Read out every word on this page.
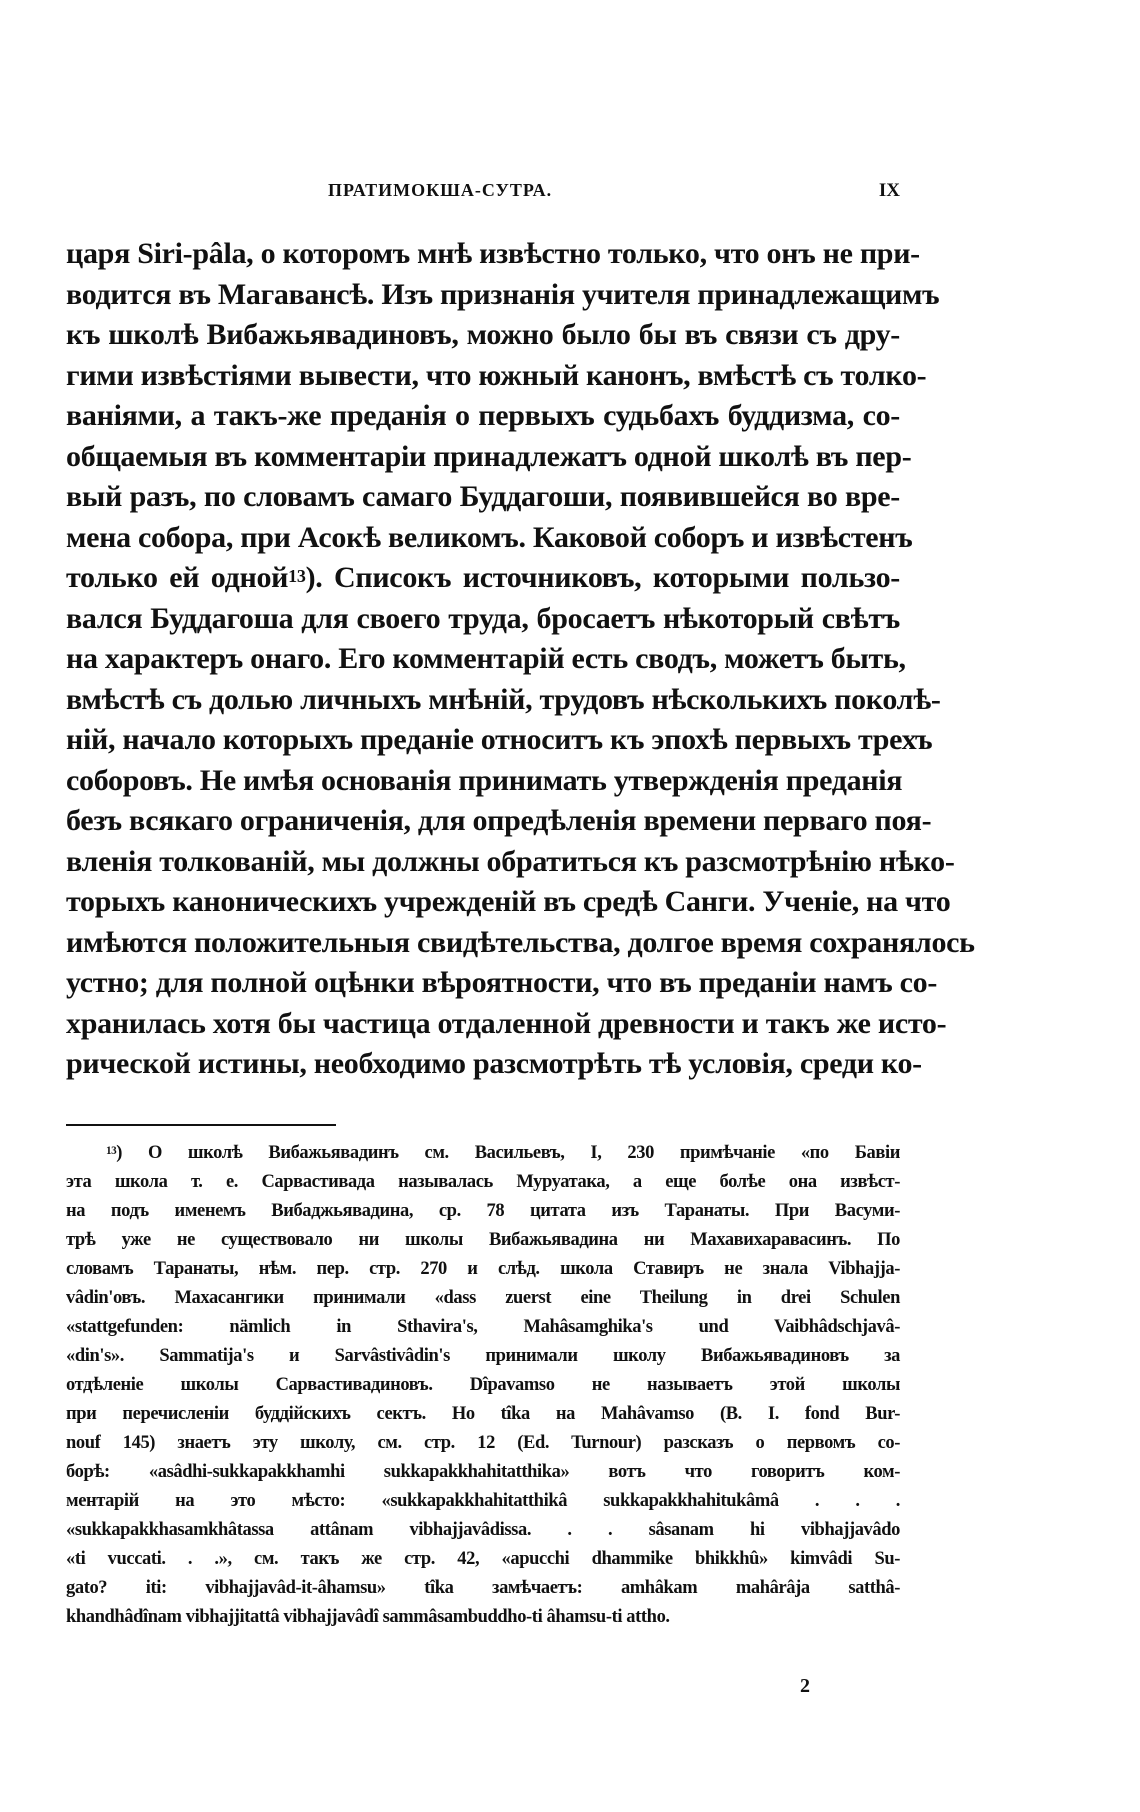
ПРАТИМОКША-СУТРА.	IX
царя Siri-pâla, о которомъ мнѣ извѣстно только, что онъ не при-
водится въ Магавансѣ. Изъ признанія учителя принадлежащимъ
къ школѣ Вибажьявадиновъ, можно было бы въ связи съ дру-
гими извѣстіями вывести, что южный канонъ, вмѣстѣ съ толко-
ваніями, а такъ-же преданія о первыхъ судьбахъ буддизма, со-
общаемыя въ комментаріи принадлежатъ одной школѣ въ пер-
вый разъ, по словамъ самаго Буддагоши, появившейся во вре-
мена собора, при Асокѣ великомъ. Каковой соборъ и извѣстенъ
только ей одной$^{13}$). Списокъ источниковъ, которыми пользо-
вался Буддагоша для своего труда, бросаетъ нѣкоторый свѣтъ
на характеръ онаго. Его комментарій есть сводъ, можетъ быть,
вмѣстѣ съ долью личныхъ мнѣній, трудовъ нѣсколькихъ поколѣ-
ній, начало которыхъ преданіе относитъ къ эпохѣ первыхъ трехъ
соборовъ. Не имѣя основанія принимать утвержденія преданія
безъ всякаго ограниченія, для опредѣленія времени перваго поя-
вленія толкованій, мы должны обратиться къ разсмотрѣнію нѣко-
торыхъ каноническихъ учрежденій въ средѣ Санги. Ученіе, на что
имѣются положительныя свидѣтельства, долгое время сохранялось
устно; для полной оцѣнки вѣроятности, что въ преданіи намъ со-
хранилась хотя бы частица отдаленной древности и такъ же исто-
рической истины, необходимо разсмотрѣть тѣ условія, среди ко-
$^{13}$) О школѣ Вибажьявадинъ см. Васильевъ, I, 230 примѣчаніе «по Бавіи
эта школа т. е. Сарвастивада называлась Муруатака, а еще болѣе она извѣст-
на подъ именемъ Вибаджьявадина, ср. 78 цитата изъ Таранаты. При Васуми-
трѣ уже не существовало ни школы Вибажьявадина ни Махавихаравасинъ. По
словамъ Таранаты, нѣм. пер. стр. 270 и слѣд. школа Ставиръ не знала Vibhajja-
vâdin'овъ. Махасангики принимали «dass zuerst eine Theilung in drei Schulen
«stattgefunden: nämlich in Sthavira's, Mahâsamghika's und Vaibhâdschjavâ-
«din's». Sammatija's и Sarvâstivâdin's принимали школу Вибажьявадиновъ за
отдѣленіе школы Сарвастивадиновъ. Dîpavamso не называетъ этой школы
при перечисленіи буддійскихъ сектъ. Но tîka на Mahâvamso (B. I. fond Bur-
nouf 145) знаетъ эту школу, см. стр. 12 (Ed. Turnour) разсказъ о первомъ со-
борѣ: «asâdhi-sukkapakkhamhi sukkapakkhahitatthika» вотъ что говоритъ ком-
ментарій на это мѣсто: «sukkapakkhahitatthikâ sukkapakkhahitukâmâ . . .
«sukkapakkhasamkhâtassa attânam vibhajjavâdissa. . . sâsanam hi vibhajjavâdo
«ti vuccati. . .», см. такъ же стр. 42, «apucchi dhammike bhikkhû» kimvâdi Su-
gato? iti: vibhajjavâd-it-âhamsu» tîka замѣчаетъ: amhâkam mahârâja satthâ-
khandhâdînam vibhajjitattâ vibhajjavâdî sammâsambuddho-ti âhamsu-ti attho.
2
